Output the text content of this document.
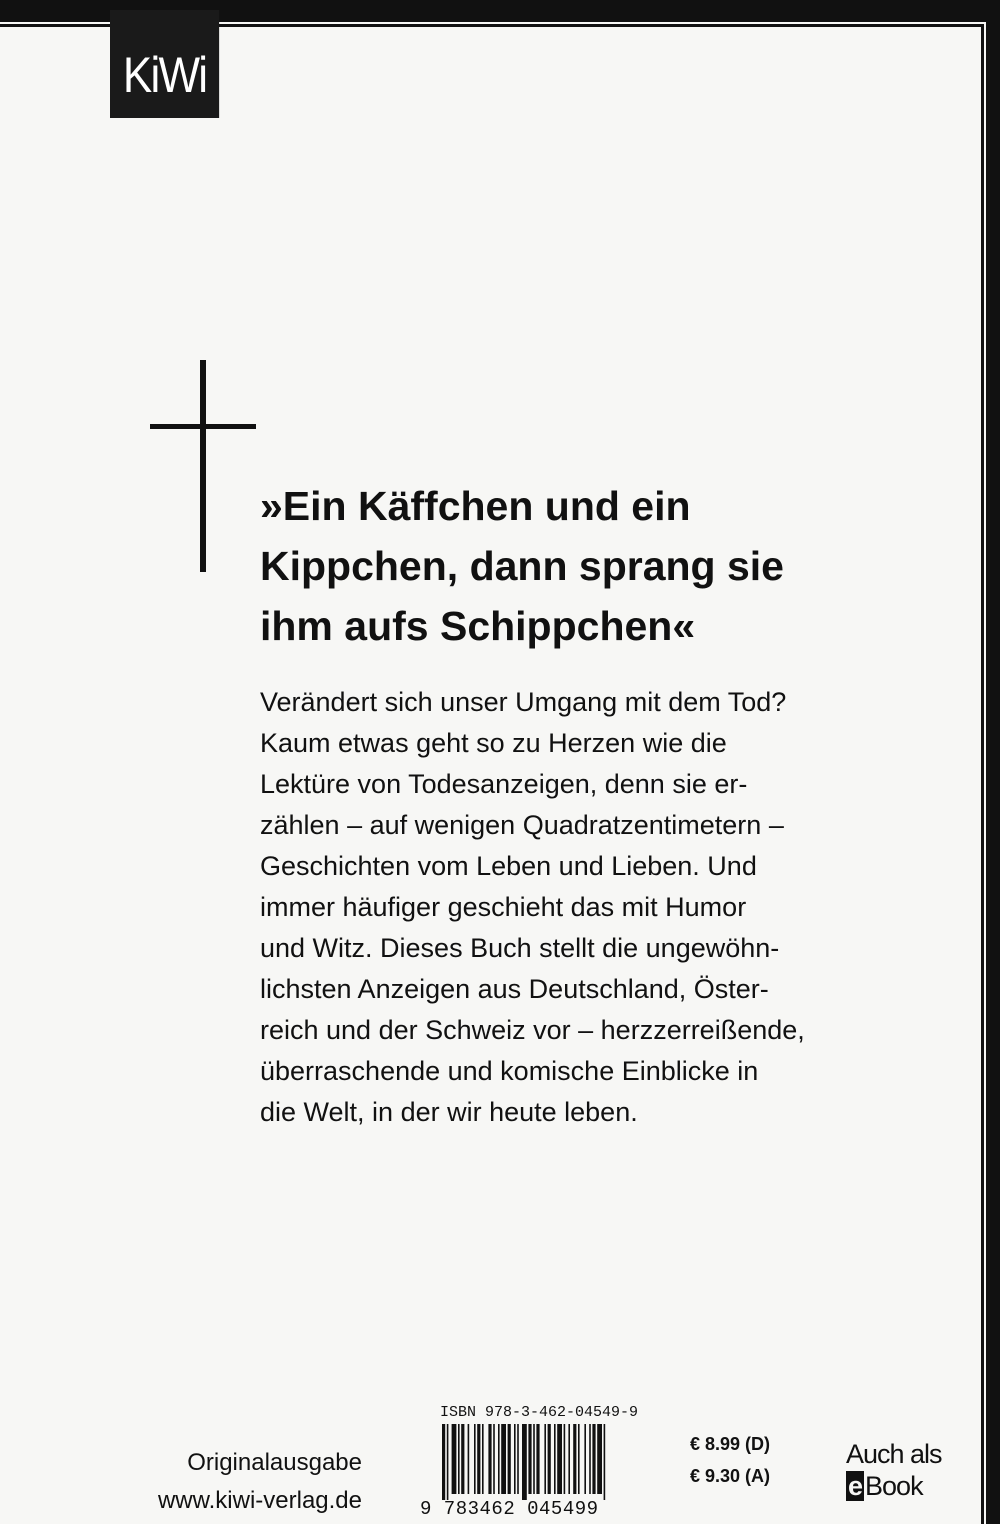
KiWi

»Ein Käffchen und ein
Kippchen, dann sprang sie
ihm aufs Schippchen«

Verändert sich unser Umgang mit dem Tod?
Kaum etwas geht so zu Herzen wie die
Lektüre von Todesanzeigen, denn sie er-
zählen – auf wenigen Quadratzentimetern –
Geschichten vom Leben und Lieben. Und
immer häufiger geschieht das mit Humor
und Witz. Dieses Buch stellt die ungewöhn-
lichsten Anzeigen aus Deutschland, Öster-
reich und der Schweiz vor – herzzerreißende,
überraschende und komische Einblicke in
die Welt, in der wir heute leben.

Originalausgabe
www.kiwi-verlag.de
ISBN 978-3-462-04549-9
9 783462 045499
€ 8.99 (D)
€ 9.30 (A)
Auch als
e Book
